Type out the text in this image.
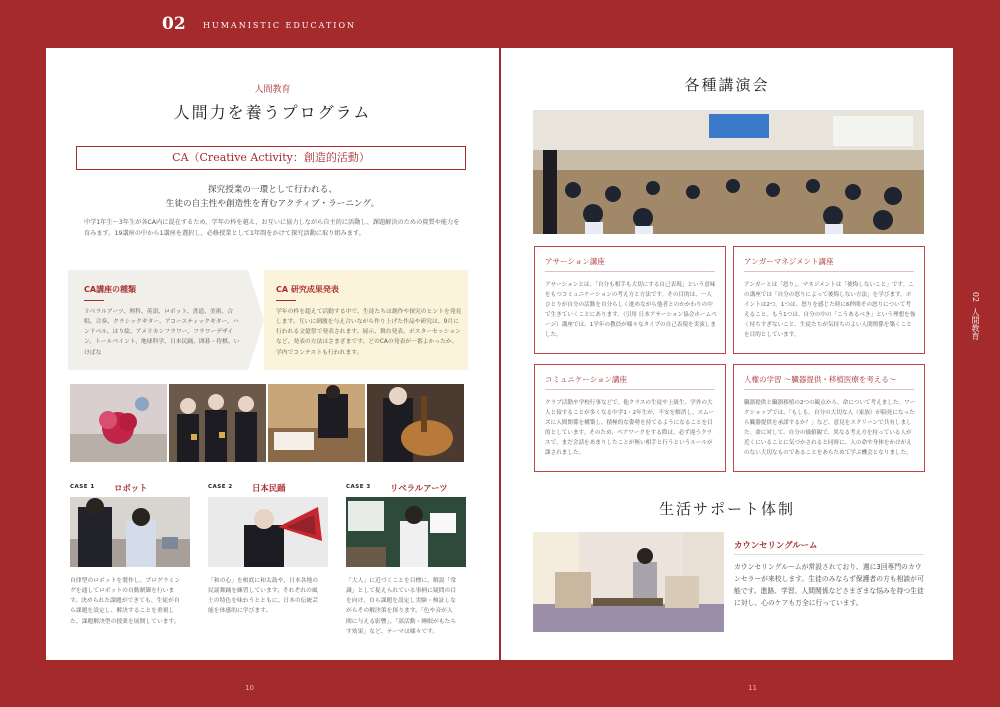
02 HUMANISTIC EDUCATION
人間教育
人間力を養うプログラム
CA（Creative Activity：創造的活動）
探究授業の一環として行われる、
生徒の自主性や創造性を育むアクティブ・ラーニング。
中学1年生〜3年生が各CA内に混在するため、学年の枠を越え、お互いに協力しながら自主的に活動し、課題解決のための資質や能力を育みます。19講座の中から1講座を選択し、必修授業として1年間をかけて探究活動に取り組みます。
CA講座の種類

リベラルアーツ、理科、英語、ロボット、書道、美術、合唱、合奏、クラシックギター、アコースティックギター、ハンドベル、はり絵、アメリカンフラワー、フラワーデザイン、トールペイント、地球科学、日本民踊、囲碁・将棋、いけばな

CA 研究成果発表

学年の枠を超えて活動する中で、生徒たちは創作や探究のヒントを発見します。互いに刺激を与え合いながら作り上げた作品や研究は、9月に行われる文億祭で発表されます。展示、舞台発表、ポスターセッションなど、発表の方法はさまざまです。どのCAの発表が一番よかったか、学内でコンテストも行われます。

CASE 1 ロボット
自律型のロボットを製作し、プログラミングを通してロボットの自動制御を行います。決められた課題ができても、生徒が自ら課題を設定し、解決することを重視した、課題解決型の授業を展開しています。
CASE 2 日本民踊
「和の心」を根底に和太鼓や、日本各地の民謡舞踊を練習しています。それぞれの風土の特色を味わうとともに、日本の伝統芸能を体感的に学びます。
CASE 3 リベラルアーツ
「大人」に近づくことを目標に、解説「常識」として捉えられている事柄に疑問の目を向け、自ら課題を設定し実験・検証しながらその解決策を探ります。「色や音が人間に与える影響」、「部活動・睡眠がもたらす効果」など、テーマは様々です。
各種講演会
アサーション講座

アサーションとは、「自分も相手も大切にする自己表現」という意味をもつコミュニケーションの考え方と方法です。その目的は、一人ひとりが自分の活動を自分らしく進めながら他者とのかかわりの中で生きていくことにあります。（引用 日本アサーション協会ホームページ）講座では、1学年の教員が様々なタイプの自己表現を実演しました。

アンガーマネジメント講座

アンガーとは「怒り」、マネジメントは「後悔しないこと」です。この講座では「自分の怒りによって後悔しない方法」を学びます。ポイントは2つ。1つは、怒りを感じた時に6秒間その怒りについて考えること。もう1つは、自分の中の「こうあるべき」という理想を強く持ちすぎないこと。生徒たちが気持ちのよい人間関係を築くことを目的としています。

コミュニケーション講座

クラブ活動や学校行事などで、他クラスの生徒や上級生、学外の大人と接することが多くなる中学1・2年生が、不安を解消し、スムーズに人間関係を構築し、積極的な姿勢を持てるようになることを目的としています。そのため、ペアワークをする際は、必ず違うクラスで、まだ会話をあまりしたことが無い相手と行うというルールが課されました。

人権の学習 〜臓器提供・移植医療を考える〜

臓器提供と臓器移植の2つの観点から、命について考えました。ワークショップでは、「もしも、自分の大切な人（家族）が脳死になったら臓器提供を承諾するか？」など、意見をスクリーンで共有しました。命に対して、自分の価値観で、異なる考え方を持っている人が近くにいることに気づかされると同時に、人の命や身体をかけがえのない大切なものであることをあらためて学ぶ機会となりました。

生活サポート体制
カウンセリングルーム
カウンセリングルームが常設されており、週に3回専門のカウンセラーが来校します。生徒のみならず保護者の方も相談が可能です。進路、学習、人間関係などさまざまな悩みを持つ生徒に対し、心のケアも万全に行っています。
02
人間教育
10	11
